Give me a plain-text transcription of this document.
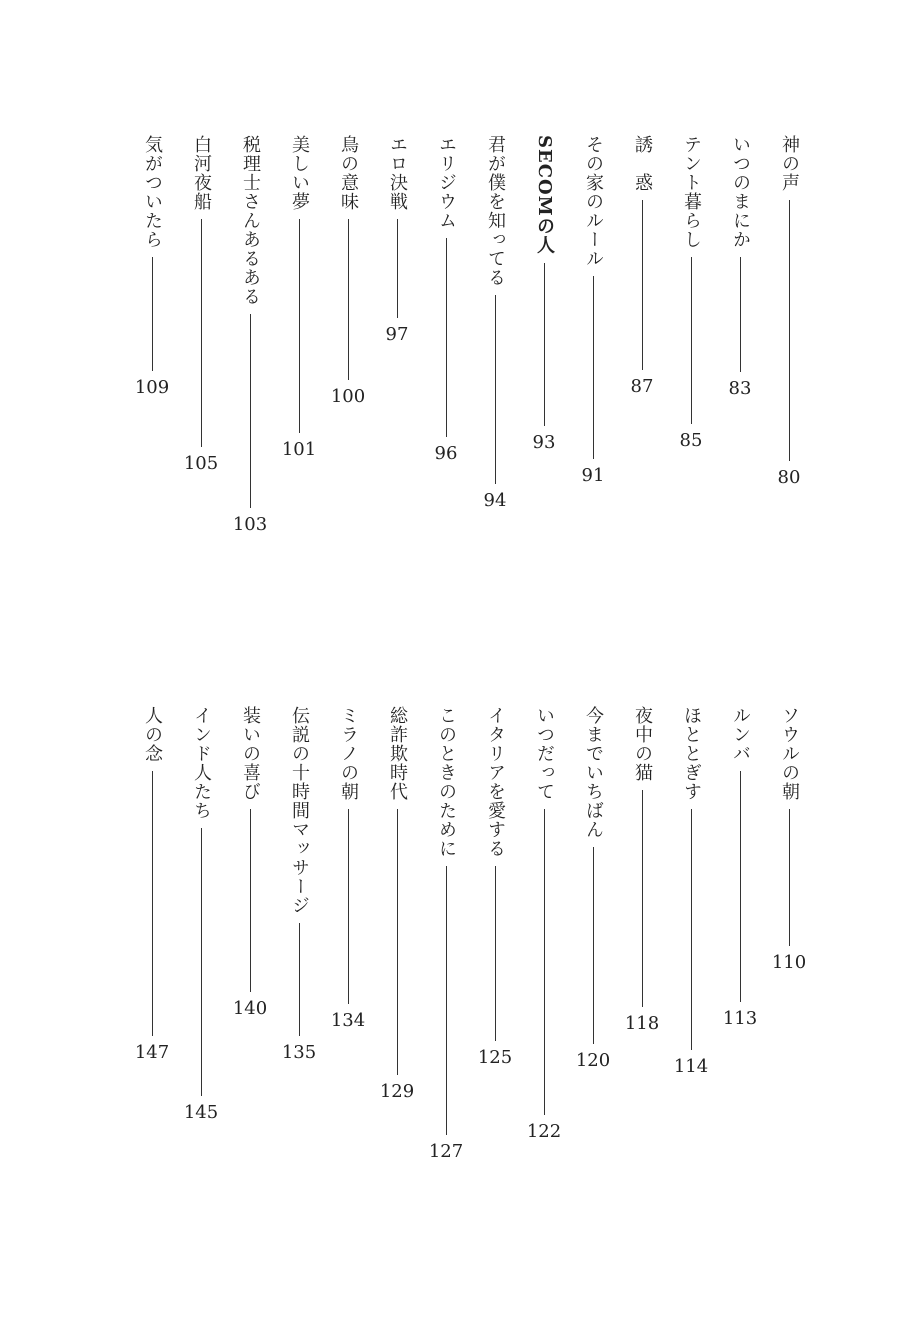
神の声
80
いつのまにか
83
テント暮らし
85
誘　惑
87
その家のルール
91
SECOMの人
93
君が僕を知ってる
94
エリジウム
96
エロ決戦
97
鳥の意味
100
美しい夢
101
税理士さんあるある
103
白河夜船
105
気がついたら
109
ソウルの朝
110
ルンバ
113
ほととぎす
114
夜中の猫
118
今までいちばん
120
いつだって
122
イタリアを愛する
125
このときのために
127
総詐欺時代
129
ミラノの朝
134
伝説の十時間マッサージ
135
装いの喜び
140
インド人たち
145
人の念
147
